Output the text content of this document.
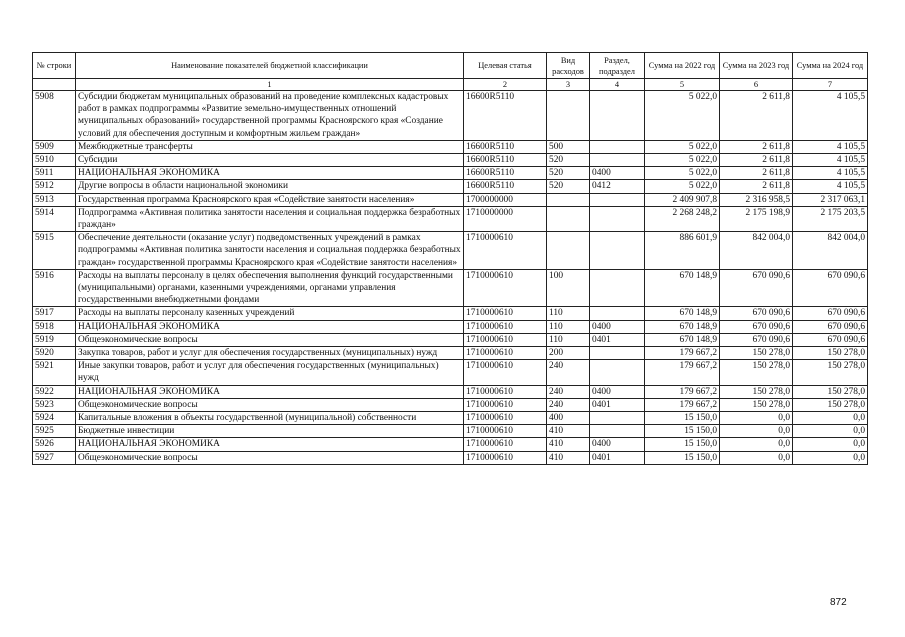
№ строки	Наименование показателей бюджетной классификации	Целевая статья	Вид расходов	Раздел, подраздел	Сумма на 2022 год	Сумма на 2023 год	Сумма на 2024 год
	1	2	3	4	5	6	7
5908	Субсидии бюджетам муниципальных образований на проведение комплексных кадастровых работ в рамках подпрограммы «Развитие земельно-имущественных отношений муниципальных образований» государственной программы Красноярского края «Создание условий для обеспечения доступным и комфортным жильем граждан»	16600R5110			5 022,0	2 611,8	4 105,5
5909	Межбюджетные трансферты	16600R5110	500		5 022,0	2 611,8	4 105,5
5910	Субсидии	16600R5110	520		5 022,0	2 611,8	4 105,5
5911	НАЦИОНАЛЬНАЯ ЭКОНОМИКА	16600R5110	520	0400	5 022,0	2 611,8	4 105,5
5912	Другие вопросы в области национальной экономики	16600R5110	520	0412	5 022,0	2 611,8	4 105,5
5913	Государственная программа Красноярского края «Содействие занятости населения»	1700000000			2 409 907,8	2 316 958,5	2 317 063,1
5914	Подпрограмма «Активная политика занятости населения и социальная поддержка безработных граждан»	1710000000			2 268 248,2	2 175 198,9	2 175 203,5
5915	Обеспечение деятельности (оказание услуг) подведомственных учреждений в рамках подпрограммы «Активная политика занятости населения и социальная поддержка безработных граждан» государственной программы Красноярского края «Содействие занятости населения»	1710000610			886 601,9	842 004,0	842 004,0
5916	Расходы на выплаты персоналу в целях обеспечения выполнения функций государственными (муниципальными) органами, казенными учреждениями, органами управления государственными внебюджетными фондами	1710000610	100		670 148,9	670 090,6	670 090,6
5917	Расходы на выплаты персоналу казенных учреждений	1710000610	110		670 148,9	670 090,6	670 090,6
5918	НАЦИОНАЛЬНАЯ ЭКОНОМИКА	1710000610	110	0400	670 148,9	670 090,6	670 090,6
5919	Общеэкономические вопросы	1710000610	110	0401	670 148,9	670 090,6	670 090,6
5920	Закупка товаров, работ и услуг для обеспечения государственных (муниципальных) нужд	1710000610	200		179 667,2	150 278,0	150 278,0
5921	Иные закупки товаров, работ и услуг для обеспечения государственных (муниципальных) нужд	1710000610	240		179 667,2	150 278,0	150 278,0
5922	НАЦИОНАЛЬНАЯ ЭКОНОМИКА	1710000610	240	0400	179 667,2	150 278,0	150 278,0
5923	Общеэкономические вопросы	1710000610	240	0401	179 667,2	150 278,0	150 278,0
5924	Капитальные вложения в объекты государственной (муниципальной) собственности	1710000610	400		15 150,0	0,0	0,0
5925	Бюджетные инвестиции	1710000610	410		15 150,0	0,0	0,0
5926	НАЦИОНАЛЬНАЯ ЭКОНОМИКА	1710000610	410	0400	15 150,0	0,0	0,0
5927	Общеэкономические вопросы	1710000610	410	0401	15 150,0	0,0	0,0
872
